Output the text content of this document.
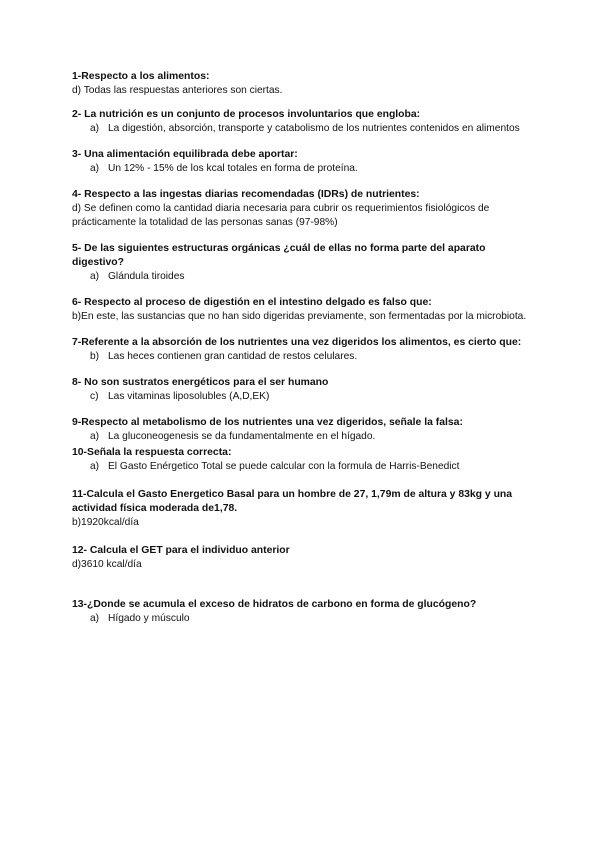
1-Respecto a los alimentos:
d) Todas las respuestas anteriores son ciertas.
2- La nutrición es un conjunto de procesos involuntarios que engloba:
a) La digestión, absorción, transporte y catabolismo de los nutrientes contenidos en alimentos
3- Una alimentación equilibrada debe aportar:
a) Un 12% - 15% de los kcal totales en forma de proteína.
4- Respecto a las ingestas diarias recomendadas (IDRs) de nutrientes:
d) Se definen como la cantidad diaria necesaria para cubrir os requerimientos fisiológicos de prácticamente la totalidad de las personas sanas (97-98%)
5- De las siguientes estructuras orgánicas ¿cuál de ellas no forma parte del aparato digestivo?
a) Glándula tiroides
6- Respecto al proceso de digestión en el intestino delgado es falso que:
b)En este, las sustancias que no han sido digeridas previamente, son fermentadas por la microbiota.
7-Referente a la absorción de los nutrientes una vez digeridos los alimentos, es cierto que:
b) Las heces contienen gran cantidad de restos celulares.
8- No son sustratos energéticos para el ser humano
c) Las vitaminas liposolubles (A,D,EK)
9-Respecto al metabolismo de los nutrientes una vez digeridos, señale la falsa:
a) La gluconeogenesis se da fundamentalmente en el hígado.
10-Señala la respuesta correcta:
a) El Gasto Enérgetico Total se puede calcular con la formula de Harris-Benedict
11-Calcula el Gasto Energetico Basal para un hombre de 27, 1,79m de altura y 83kg y una actividad física moderada de1,78.
b)1920kcal/día
12- Calcula el GET para el individuo anterior
d)3610 kcal/día
13-¿Donde se acumula el exceso de hidratos de carbono en forma de glucógeno?
a) Hígado y músculo
